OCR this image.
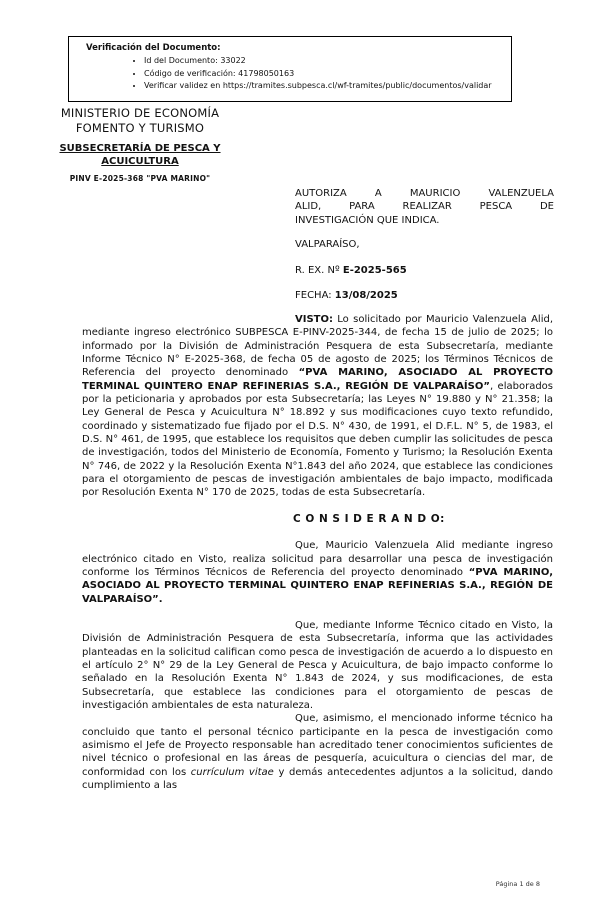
Verificación del Documento:
• Id del Documento: 33022
• Código de verificación: 41798050163
• Verificar validez en https://tramites.subpesca.cl/wf-tramites/public/documentos/validar
MINISTERIO DE ECONOMÍA
FOMENTO Y TURISMO
SUBSECRETARÍA DE PESCA Y ACUICULTURA
PINV E-2025-368 "PVA MARINO"
AUTORIZA A MAURICIO VALENZUELA
ALID, PARA REALIZAR PESCA DE
INVESTIGACIÓN QUE INDICA.
VALPARAÍSO,
R. EX. Nº E-2025-565
FECHA: 13/08/2025

VISTO: Lo solicitado por Mauricio Valenzuela Alid, mediante ingreso electrónico SUBPESCA E-PINV-2025-344, de fecha 15 de julio de 2025; lo informado por la División de Administración Pesquera de esta Subsecretaría, mediante Informe Técnico N° E-2025-368, de fecha 05 de agosto de 2025; los Términos Técnicos de Referencia del proyecto denominado “PVA MARINO, ASOCIADO AL PROYECTO TERMINAL QUINTERO ENAP REFINERIAS S.A., REGIÓN DE VALPARAÍSO”, elaborados por la peticionaria y aprobados por esta Subsecretaría; las Leyes N° 19.880 y N° 21.358; la Ley General de Pesca y Acuicultura N° 18.892 y sus modificaciones cuyo texto refundido, coordinado y sistematizado fue fijado por el D.S. N° 430, de 1991, el D.F.L. N° 5, de 1983, el D.S. N° 461, de 1995, que establece los requisitos que deben cumplir las solicitudes de pesca de investigación, todos del Ministerio de Economía, Fomento y Turismo; la Resolución Exenta N° 746, de 2022 y la Resolución Exenta N°1.843 del año 2024, que establece las condiciones para el otorgamiento de pescas de investigación ambientales de bajo impacto, modificada por Resolución Exenta N° 170 de 2025, todas de esta Subsecretaría.

C O N S I D E R A N D O:

Que, Mauricio Valenzuela Alid mediante ingreso electrónico citado en Visto, realiza solicitud para desarrollar una pesca de investigación conforme los Términos Técnicos de Referencia del proyecto denominado “PVA MARINO, ASOCIADO AL PROYECTO TERMINAL QUINTERO ENAP REFINERIAS S.A., REGIÓN DE VALPARAÍSO”.

Que, mediante Informe Técnico citado en Visto, la División de Administración Pesquera de esta Subsecretaría, informa que las actividades planteadas en la solicitud califican como pesca de investigación de acuerdo a lo dispuesto en el artículo 2° N° 29 de la Ley General de Pesca y Acuicultura, de bajo impacto conforme lo señalado en la Resolución Exenta N° 1.843 de 2024, y sus modificaciones, de esta Subsecretaría, que establece las condiciones para el otorgamiento de pescas de investigación ambientales de esta naturaleza.

Que, asimismo, el mencionado informe técnico ha concluido que tanto el personal técnico participante en la pesca de investigación como asimismo el Jefe de Proyecto responsable han acreditado tener conocimientos suficientes de nivel técnico o profesional en las áreas de pesquería, acuicultura o ciencias del mar, de conformidad con los currículum vitae y demás antecedentes adjuntos a la solicitud, dando cumplimiento a las

Página 1 de 8
